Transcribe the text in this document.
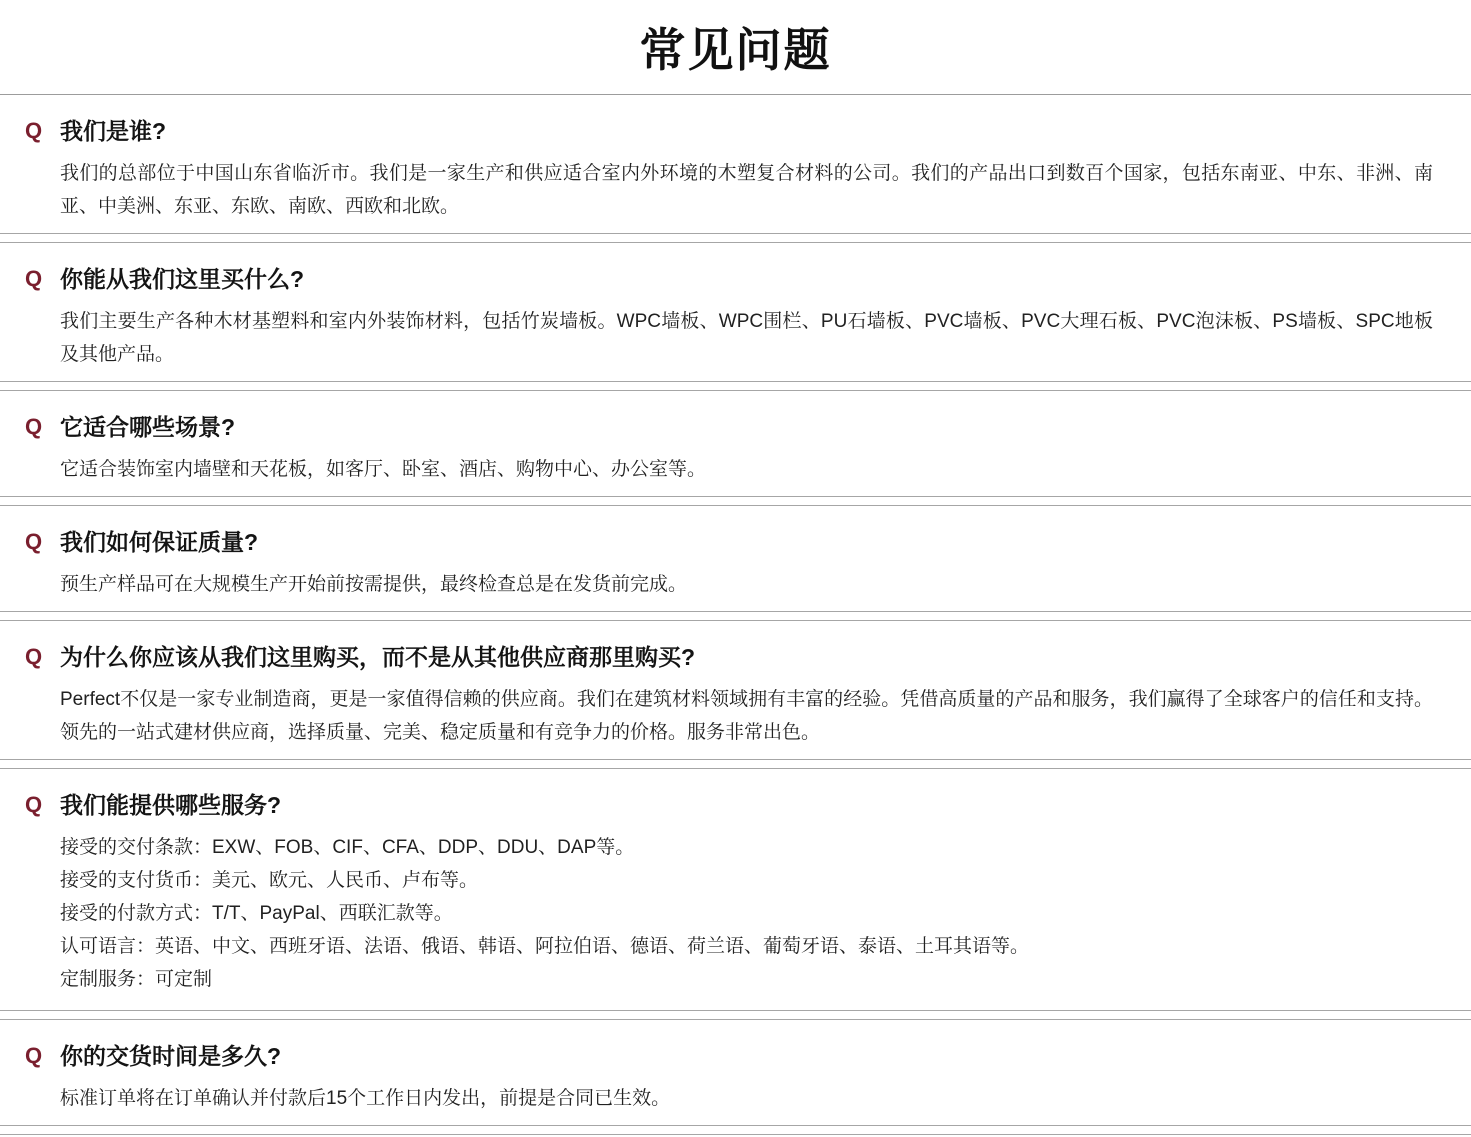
常见问题
Q 我们是谁?
我们的总部位于中国山东省临沂市。我们是一家生产和供应适合室内外环境的木塑复合材料的公司。我们的产品出口到数百个国家，包括东南亚、中东、非洲、南亚、中美洲、东亚、东欧、南欧、西欧和北欧。
Q 你能从我们这里买什么?
我们主要生产各种木材基塑料和室内外装饰材料，包括竹炭墙板。WPC墙板、WPC围栏、PU石墙板、PVC墙板、PVC大理石板、PVC泡沫板、PS墙板、SPC地板及其他产品。
Q 它适合哪些场景?
它适合装饰室内墙壁和天花板，如客厅、卧室、酒店、购物中心、办公室等。
Q 我们如何保证质量?
预生产样品可在大规模生产开始前按需提供，最终检查总是在发货前完成。
Q 为什么你应该从我们这里购买，而不是从其他供应商那里购买?
Perfect不仅是一家专业制造商，更是一家值得信赖的供应商。我们在建筑材料领域拥有丰富的经验。凭借高质量的产品和服务，我们赢得了全球客户的信任和支持。领先的一站式建材供应商，选择质量、完美、稳定质量和有竞争力的价格。服务非常出色。
Q 我们能提供哪些服务?

接受的交付条款：EXW、FOB、CIF、CFA、DDP、DDU、DAP等。

接受的支付货币：美元、欧元、人民币、卢布等。

接受的付款方式：T/T、PayPal、西联汇款等。

认可语言：英语、中文、西班牙语、法语、俄语、韩语、阿拉伯语、德语、荷兰语、葡萄牙语、泰语、土耳其语等。

定制服务：可定制

Q 你的交货时间是多久?
标准订单将在订单确认并付款后15个工作日内发出，前提是合同已生效。
